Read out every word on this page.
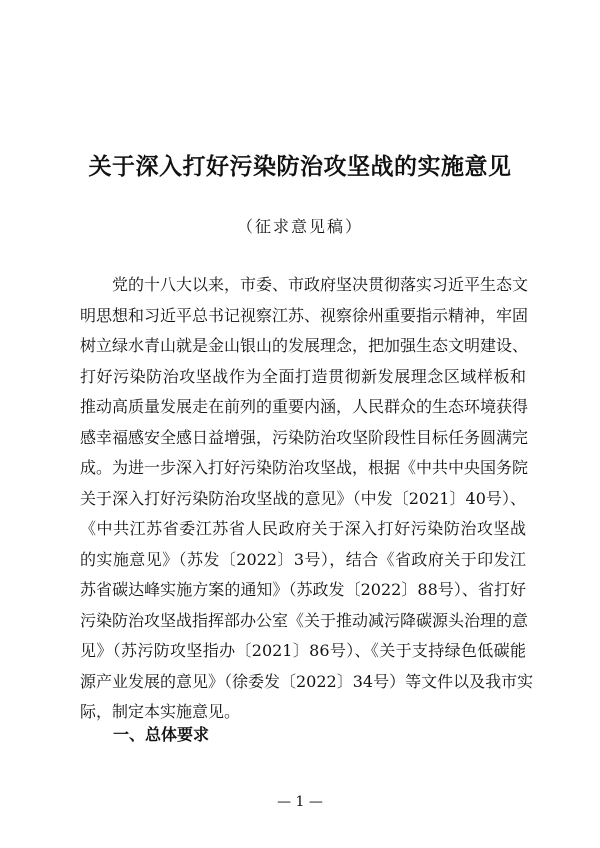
关于深入打好污染防治攻坚战的实施意见

（征求意见稿）

　　党的十八大以来，市委、市政府坚决贯彻落实习近平生态文
明思想和习近平总书记视察江苏、视察徐州重要指示精神，牢固
树立绿水青山就是金山银山的发展理念，把加强生态文明建设、
打好污染防治攻坚战作为全面打造贯彻新发展理念区域样板和
推动高质量发展走在前列的重要内涵，人民群众的生态环境获得
感幸福感安全感日益增强，污染防治攻坚阶段性目标任务圆满完
成。为进一步深入打好污染防治攻坚战，根据《中共中央国务院
关于深入打好污染防治攻坚战的意见》（中发〔2021〕40号）、
《中共江苏省委江苏省人民政府关于深入打好污染防治攻坚战
的实施意见》（苏发〔2022〕3号），结合《省政府关于印发江
苏省碳达峰实施方案的通知》（苏政发〔2022〕88号）、省打好
污染防治攻坚战指挥部办公室《关于推动减污降碳源头治理的意
见》（苏污防攻坚指办〔2021〕86号）、《关于支持绿色低碳能
源产业发展的意见》（徐委发〔2022〕34号）等文件以及我市实
际，制定本实施意见。
一、总体要求
— 1 —
